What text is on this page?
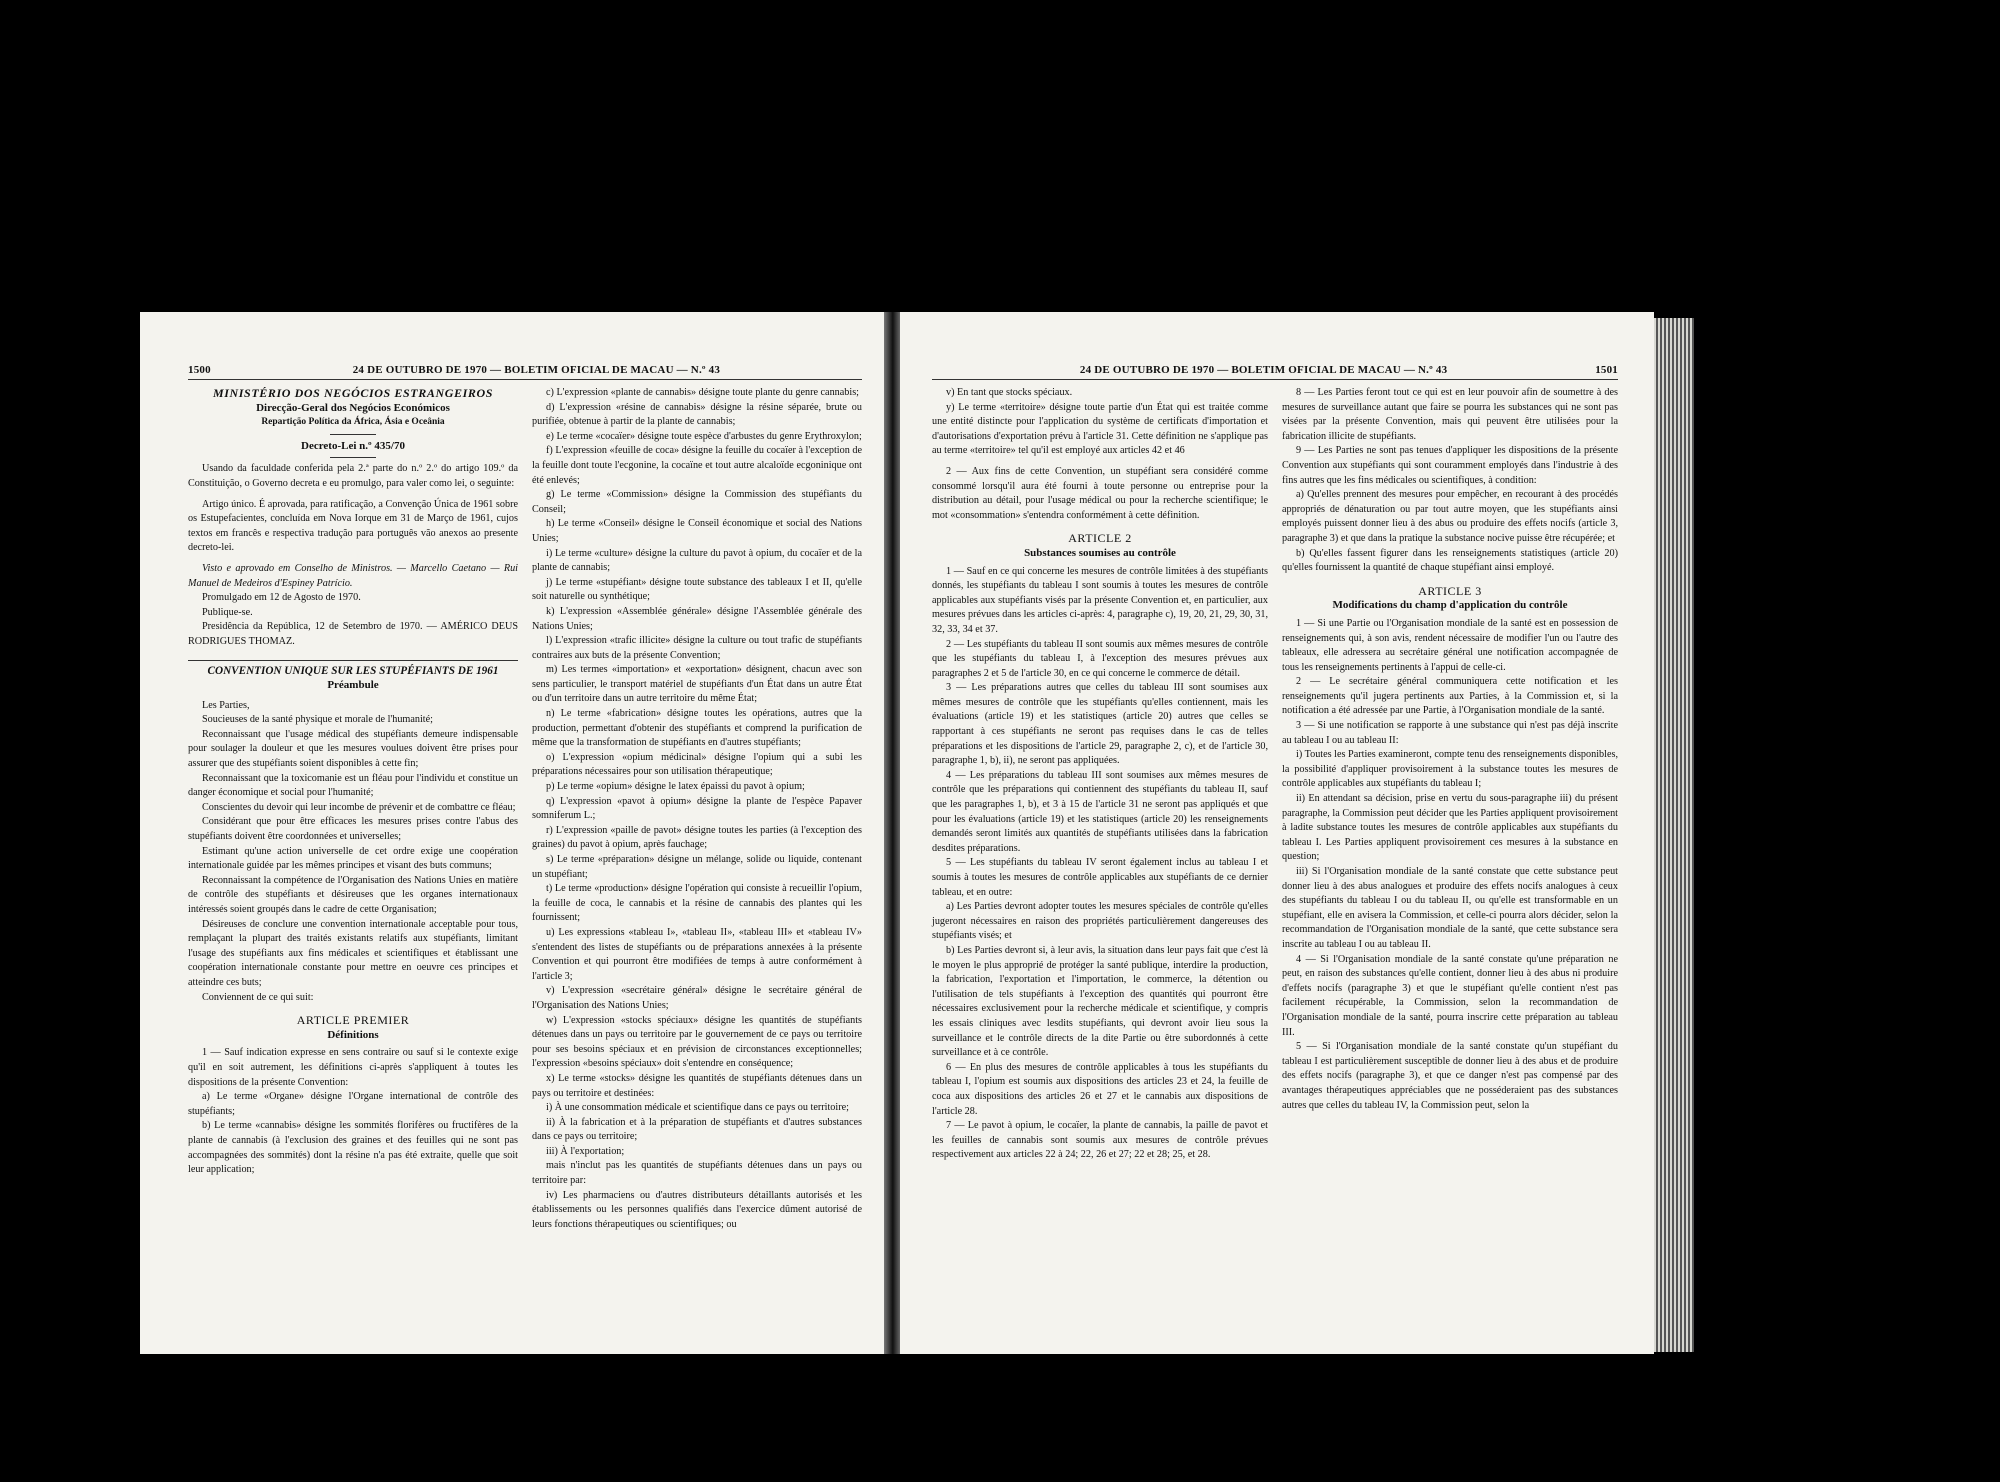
1500	24 DE OUTUBRO DE 1970 — BOLETIM OFICIAL DE MACAU — N.º 43
MINISTÉRIO DOS NEGÓCIOS ESTRANGEIROS
Direcção-Geral dos Negócios Económicos
Repartição Política da África, Ásia e Oceânia
Decreto-Lei n.º 435/70

Usando da faculdade conferida pela 2.ª parte do n.º 2.º do artigo 109.º da Constituição, o Governo decreta e eu promulgo, para valer como lei, o seguinte:

Artigo único. É aprovada, para ratificação, a Convenção Única de 1961 sobre os Estupefacientes, concluída em Nova Iorque em 31 de Março de 1961, cujos textos em francês e respectiva tradução para português vão anexos ao presente decreto-lei.

Visto e aprovado em Conselho de Ministros. — Marcello Caetano — Rui Manuel de Medeiros d'Espiney Patrício.

Promulgado em 12 de Agosto de 1970.

Publique-se.

Presidência da República, 12 de Setembro de 1970. — AMÉRICO DEUS RODRIGUES THOMAZ.

CONVENTION UNIQUE SUR LES STUPÉFIANTS DE 1961
Préambule

Les Parties,

Soucieuses de la santé physique et morale de l'humanité;

Reconnaissant que l'usage médical des stupéfiants demeure indispensable pour soulager la douleur et que les mesures voulues doivent être prises pour assurer que des stupéfiants soient disponibles à cette fin;

Reconnaissant que la toxicomanie est un fléau pour l'individu et constitue un danger économique et social pour l'humanité;

Conscientes du devoir qui leur incombe de prévenir et de combattre ce fléau;

Considérant que pour être efficaces les mesures prises contre l'abus des stupéfiants doivent être coordonnées et universelles;

Estimant qu'une action universelle de cet ordre exige une coopération internationale guidée par les mêmes principes et visant des buts communs;

Reconnaissant la compétence de l'Organisation des Nations Unies en matière de contrôle des stupéfiants et désireuses que les organes internationaux intéressés soient groupés dans le cadre de cette Organisation;

Désireuses de conclure une convention internationale acceptable pour tous, remplaçant la plupart des traités existants relatifs aux stupéfiants, limitant l'usage des stupéfiants aux fins médicales et scientifiques et établissant une coopération internationale constante pour mettre en oeuvre ces principes et atteindre ces buts;

Conviennent de ce qui suit:

ARTICLE PREMIER
Définitions

1 — Sauf indication expresse en sens contraire ou sauf si le contexte exige qu'il en soit autrement, les définitions ci-après s'appliquent à toutes les dispositions de la présente Convention:

a) Le terme «Organe» désigne l'Organe international de contrôle des stupéfiants;

b) Le terme «cannabis» désigne les sommités florifères ou fructifères de la plante de cannabis (à l'exclusion des graines et des feuilles qui ne sont pas accompagnées des sommités) dont la résine n'a pas été extraite, quelle que soit leur application;

c) L'expression «plante de cannabis» désigne toute plante du genre cannabis;

d) L'expression «résine de cannabis» désigne la résine séparée, brute ou purifiée, obtenue à partir de la plante de cannabis;

e) Le terme «cocaïer» désigne toute espèce d'arbustes du genre Erythroxylon;

f) L'expression «feuille de coca» désigne la feuille du cocaïer à l'exception de la feuille dont toute l'ecgonine, la cocaïne et tout autre alcaloïde ecgoninique ont été enlevés;

g) Le terme «Commission» désigne la Commission des stupéfiants du Conseil;

h) Le terme «Conseil» désigne le Conseil économique et social des Nations Unies;

i) Le terme «culture» désigne la culture du pavot à opium, du cocaïer et de la plante de cannabis;

j) Le terme «stupéfiant» désigne toute substance des tableaux I et II, qu'elle soit naturelle ou synthétique;

k) L'expression «Assemblée générale» désigne l'Assemblée générale des Nations Unies;

l) L'expression «trafic illicite» désigne la culture ou tout trafic de stupéfiants contraires aux buts de la présente Convention;

m) Les termes «importation» et «exportation» désignent, chacun avec son sens particulier, le transport matériel de stupéfiants d'un État dans un autre État ou d'un territoire dans un autre territoire du même État;

n) Le terme «fabrication» désigne toutes les opérations, autres que la production, permettant d'obtenir des stupéfiants et comprend la purification de même que la transformation de stupéfiants en d'autres stupéfiants;

o) L'expression «opium médicinal» désigne l'opium qui a subi les préparations nécessaires pour son utilisation thérapeutique;

p) Le terme «opium» désigne le latex épaissi du pavot à opium;

q) L'expression «pavot à opium» désigne la plante de l'espèce Papaver somniferum L.;

r) L'expression «paille de pavot» désigne toutes les parties (à l'exception des graines) du pavot à opium, après fauchage;

s) Le terme «préparation» désigne un mélange, solide ou liquide, contenant un stupéfiant;

t) Le terme «production» désigne l'opération qui consiste à recueillir l'opium, la feuille de coca, le cannabis et la résine de cannabis des plantes qui les fournissent;

u) Les expressions «tableau I», «tableau II», «tableau III» et «tableau IV» s'entendent des listes de stupéfiants ou de préparations annexées à la présente Convention et qui pourront être modifiées de temps à autre conformément à l'article 3;

v) L'expression «secrétaire général» désigne le secrétaire général de l'Organisation des Nations Unies;

w) L'expression «stocks spéciaux» désigne les quantités de stupéfiants détenues dans un pays ou territoire par le gouvernement de ce pays ou territoire pour ses besoins spéciaux et en prévision de circonstances exceptionnelles; l'expression «besoins spéciaux» doit s'entendre en conséquence;

x) Le terme «stocks» désigne les quantités de stupéfiants détenues dans un pays ou territoire et destinées:

i) À une consommation médicale et scientifique dans ce pays ou territoire;

ii) À la fabrication et à la préparation de stupéfiants et d'autres substances dans ce pays ou territoire;

iii) À l'exportation;

mais n'inclut pas les quantités de stupéfiants détenues dans un pays ou territoire par:

iv) Les pharmaciens ou d'autres distributeurs détaillants autorisés et les établissements ou les personnes qualifiés dans l'exercice dûment autorisé de leurs fonctions thérapeutiques ou scientifiques; ou

24 DE OUTUBRO DE 1970 — BOLETIM OFICIAL DE MACAU — N.º 43	1501

v) En tant que stocks spéciaux.

y) Le terme «territoire» désigne toute partie d'un État qui est traitée comme une entité distincte pour l'application du système de certificats d'importation et d'autorisations d'exportation prévu à l'article 31. Cette définition ne s'applique pas au terme «territoire» tel qu'il est employé aux articles 42 et 46

2 — Aux fins de cette Convention, un stupéfiant sera considéré comme consommé lorsqu'il aura été fourni à toute personne ou entreprise pour la distribution au détail, pour l'usage médical ou pour la recherche scientifique; le mot «consommation» s'entendra conformément à cette définition.

ARTICLE 2
Substances soumises au contrôle

1 — Sauf en ce qui concerne les mesures de contrôle limitées à des stupéfiants donnés, les stupéfiants du tableau I sont soumis à toutes les mesures de contrôle applicables aux stupéfiants visés par la présente Convention et, en particulier, aux mesures prévues dans les articles ci-après: 4, paragraphe c), 19, 20, 21, 29, 30, 31, 32, 33, 34 et 37.

2 — Les stupéfiants du tableau II sont soumis aux mêmes mesures de contrôle que les stupéfiants du tableau I, à l'exception des mesures prévues aux paragraphes 2 et 5 de l'article 30, en ce qui concerne le commerce de détail.

3 — Les préparations autres que celles du tableau III sont soumises aux mêmes mesures de contrôle que les stupéfiants qu'elles contiennent, mais les évaluations (article 19) et les statistiques (article 20) autres que celles se rapportant à ces stupéfiants ne seront pas requises dans le cas de telles préparations et les dispositions de l'article 29, paragraphe 2, c), et de l'article 30, paragraphe 1, b), ii), ne seront pas appliquées.

4 — Les préparations du tableau III sont soumises aux mêmes mesures de contrôle que les préparations qui contiennent des stupéfiants du tableau II, sauf que les paragraphes 1, b), et 3 à 15 de l'article 31 ne seront pas appliqués et que pour les évaluations (article 19) et les statistiques (article 20) les renseignements demandés seront limités aux quantités de stupéfiants utilisées dans la fabrication desdites préparations.

5 — Les stupéfiants du tableau IV seront également inclus au tableau I et soumis à toutes les mesures de contrôle applicables aux stupéfiants de ce dernier tableau, et en outre:

a) Les Parties devront adopter toutes les mesures spéciales de contrôle qu'elles jugeront nécessaires en raison des propriétés particulièrement dangereuses des stupéfiants visés; et

b) Les Parties devront si, à leur avis, la situation dans leur pays fait que c'est là le moyen le plus approprié de protéger la santé publique, interdire la production, la fabrication, l'exportation et l'importation, le commerce, la détention ou l'utilisation de tels stupéfiants à l'exception des quantités qui pourront être nécessaires exclusivement pour la recherche médicale et scientifique, y compris les essais cliniques avec lesdits stupéfiants, qui devront avoir lieu sous la surveillance et le contrôle directs de la dite Partie ou être subordonnés à cette surveillance et à ce contrôle.

6 — En plus des mesures de contrôle applicables à tous les stupéfiants du tableau I, l'opium est soumis aux dispositions des articles 23 et 24, la feuille de coca aux dispositions des articles 26 et 27 et le cannabis aux dispositions de l'article 28.

7 — Le pavot à opium, le cocaïer, la plante de cannabis, la paille de pavot et les feuilles de cannabis sont soumis aux mesures de contrôle prévues respectivement aux articles 22 à 24; 22, 26 et 27; 22 et 28; 25, et 28.

8 — Les Parties feront tout ce qui est en leur pouvoir afin de soumettre à des mesures de surveillance autant que faire se pourra les substances qui ne sont pas visées par la présente Convention, mais qui peuvent être utilisées pour la fabrication illicite de stupéfiants.

9 — Les Parties ne sont pas tenues d'appliquer les dispositions de la présente Convention aux stupéfiants qui sont couramment employés dans l'industrie à des fins autres que les fins médicales ou scientifiques, à condition:

a) Qu'elles prennent des mesures pour empêcher, en recourant à des procédés appropriés de dénaturation ou par tout autre moyen, que les stupéfiants ainsi employés puissent donner lieu à des abus ou produire des effets nocifs (article 3, paragraphe 3) et que dans la pratique la substance nocive puisse être récupérée; et

b) Qu'elles fassent figurer dans les renseignements statistiques (article 20) qu'elles fournissent la quantité de chaque stupéfiant ainsi employé.

ARTICLE 3
Modifications du champ d'application du contrôle

1 — Si une Partie ou l'Organisation mondiale de la santé est en possession de renseignements qui, à son avis, rendent nécessaire de modifier l'un ou l'autre des tableaux, elle adressera au secrétaire général une notification accompagnée de tous les renseignements pertinents à l'appui de celle-ci.

2 — Le secrétaire général communiquera cette notification et les renseignements qu'il jugera pertinents aux Parties, à la Commission et, si la notification a été adressée par une Partie, à l'Organisation mondiale de la santé.

3 — Si une notification se rapporte à une substance qui n'est pas déjà inscrite au tableau I ou au tableau II:

i) Toutes les Parties examineront, compte tenu des renseignements disponibles, la possibilité d'appliquer provisoirement à la substance toutes les mesures de contrôle applicables aux stupéfiants du tableau I;

ii) En attendant sa décision, prise en vertu du sous-paragraphe iii) du présent paragraphe, la Commission peut décider que les Parties appliquent provisoirement à ladite substance toutes les mesures de contrôle applicables aux stupéfiants du tableau I. Les Parties appliquent provisoirement ces mesures à la substance en question;

iii) Si l'Organisation mondiale de la santé constate que cette substance peut donner lieu à des abus analogues et produire des effets nocifs analogues à ceux des stupéfiants du tableau I ou du tableau II, ou qu'elle est transformable en un stupéfiant, elle en avisera la Commission, et celle-ci pourra alors décider, selon la recommandation de l'Organisation mondiale de la santé, que cette substance sera inscrite au tableau I ou au tableau II.

4 — Si l'Organisation mondiale de la santé constate qu'une préparation ne peut, en raison des substances qu'elle contient, donner lieu à des abus ni produire d'effets nocifs (paragraphe 3) et que le stupéfiant qu'elle contient n'est pas facilement récupérable, la Commission, selon la recommandation de l'Organisation mondiale de la santé, pourra inscrire cette préparation au tableau III.

5 — Si l'Organisation mondiale de la santé constate qu'un stupéfiant du tableau I est particulièrement susceptible de donner lieu à des abus et de produire des effets nocifs (paragraphe 3), et que ce danger n'est pas compensé par des avantages thérapeutiques appréciables que ne posséderaient pas des substances autres que celles du tableau IV, la Commission peut, selon la
